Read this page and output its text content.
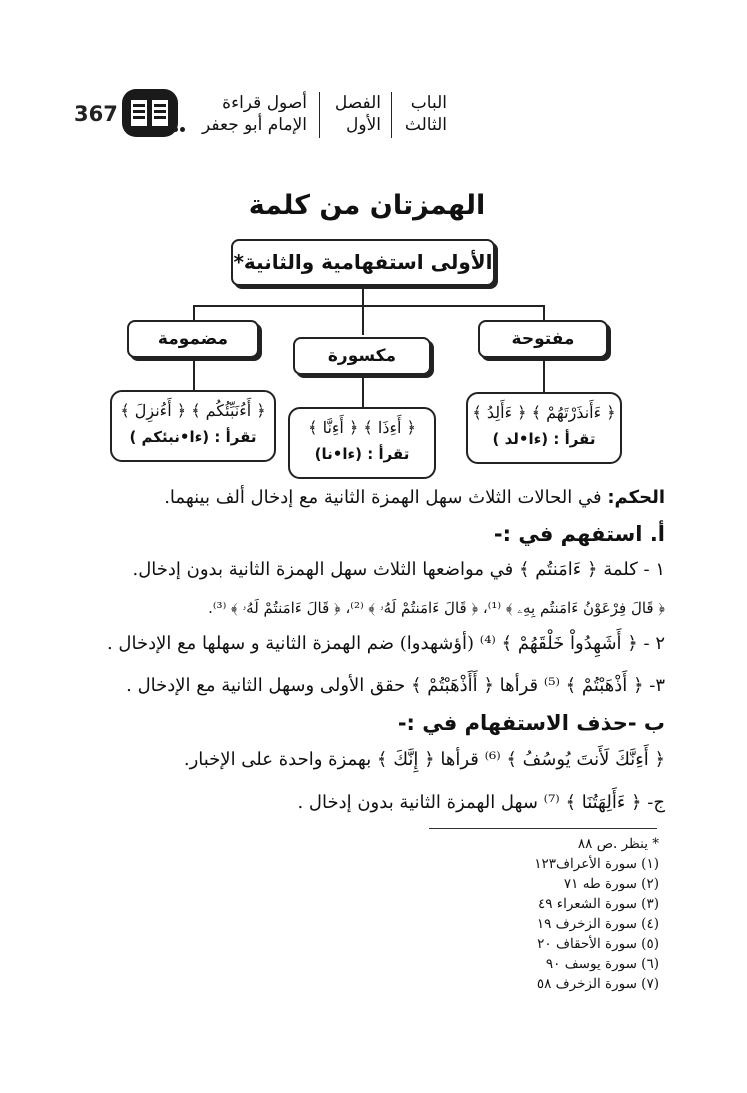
الباب
الثالث
الفصل
الأول
أصول قراءة
الإمام أبو جعفر
367
الهمزتان من كلمة
الأولى استفهامية والثانية*
مفتوحة
مكسورة
مضمومة
﴿ ءَأَنذَرْتَهُمْ ﴾ ﴿ ءَأَلِدُ ﴾
تقرأ : (ءا•لد )
﴿ أَءِذَا ﴾ ﴿ أَءِنَّا ﴾
تقرأ : (ءا•نا)
﴿ أَءُنَبِّئُكُم ﴾ ﴿ أَءُنزِلَ ﴾
تقرأ : (ءا•نبئكم )
الحكم: في الحالات الثلاث سهل الهمزة الثانية مع إدخال ألف بينهما.
أ. استفهم في :-
١ - كلمة ﴿ ءَامَنتُم ﴾ في مواضعها الثلاث سهل الهمزة الثانية بدون إدخال.
﴿ قَالَ فِرْعَوْنُ ءَامَنتُم بِهِۦ ﴾ ⁽¹⁾، ﴿ قَالَ ءَامَنتُمْ لَهُۥ ﴾ ⁽²⁾، ﴿ قَالَ ءَامَنتُمْ لَهُۥ ﴾ ⁽³⁾.
٢ - ﴿ أَشَهِدُواْ خَلْقَهُمْ ﴾ ⁽⁴⁾ (أؤشهدوا) ضم الهمزة الثانية و سهلها مع الإدخال .
٣- ﴿ أَذْهَبْتُمْ ﴾ ⁽⁵⁾ قرأها ﴿ أَأَذْهَبْتُمْ ﴾ حقق الأولى وسهل الثانية مع الإدخال .
ب -حذف الاستفهام في :-
﴿ أَءِنَّكَ لَأَنتَ يُوسُفُ ﴾ ⁽⁶⁾ قرأها ﴿ إِنَّكَ ﴾ بهمزة واحدة على الإخبار.
ج- ﴿ ءَأَلِهَتُنَا ﴾ ⁽⁷⁾ سهل الهمزة الثانية بدون إدخال .
* ينظر .ص ٨٨
(١) سورة الأعراف١٢٣
(٢) سورة طه ٧١
(٣) سورة الشعراء ٤٩
(٤) سورة الزخرف ١٩
(٥) سورة الأحقاف ٢٠
(٦) سورة يوسف ٩٠
(٧) سورة الزخرف ٥٨
